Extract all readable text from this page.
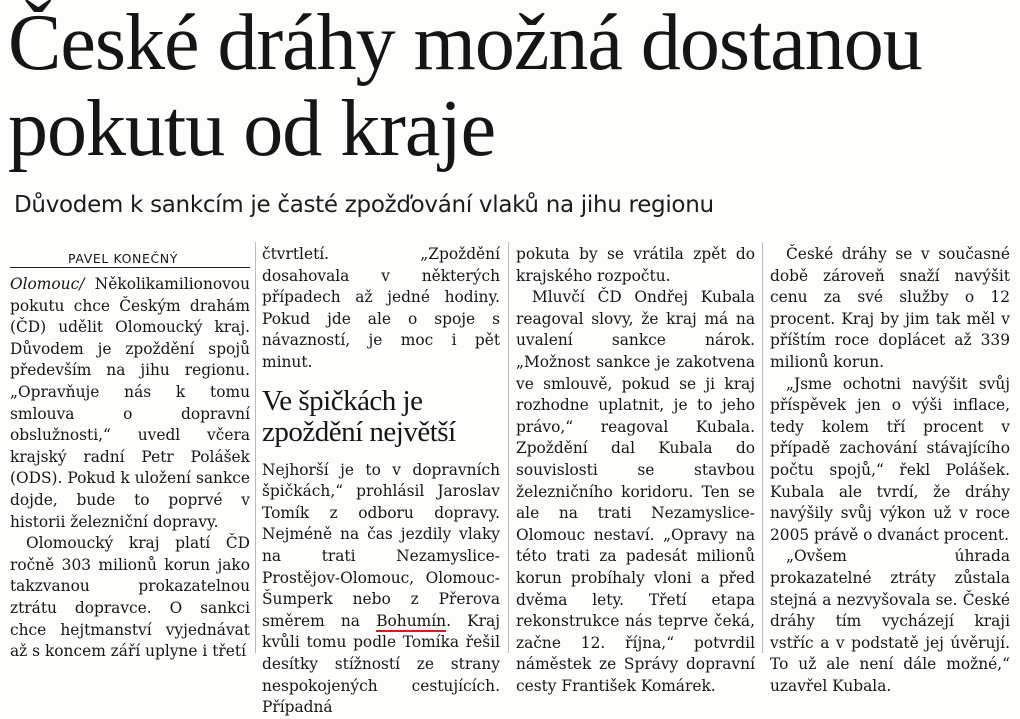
České dráhy možná dostanou pokutu od kraje
Důvodem k sankcím je časté zpožďování vlaků na jihu regionu
PAVEL KONEČNÝ

Olomouc/ Několikamilionovou pokutu chce Českým drahám (ČD) udělit Olomoucký kraj. Důvodem je zpoždění spojů především na jihu regionu. „Opravňuje nás k tomu smlouva o dopravní obslužnosti,“ uvedl včera krajský radní Petr Polášek (ODS). Pokud k uložení sankce dojde, bude to poprvé v historii železniční dopravy.

Olomoucký kraj platí ČD ročně 303 milionů korun jako takzvanou prokazatelnou ztrátu dopravce. O sankci chce hejtmanství vyjednávat až s koncem září uplyne i třetí

čtvrtletí. „Zpoždění dosahovala v některých případech až jedné hodiny. Pokud jde ale o spoje s návazností, je moc i pět minut.

Ve špičkách je zpoždění největší

Nejhorší je to v dopravních špičkách,“ prohlásil Jaroslav Tomík z odboru dopravy. Nejméně na čas jezdily vlaky na trati Nezamyslice-Prostějov-Olomouc, Olomouc-Šumperk nebo z Přerova směrem na Bohumín. Kraj kvůli tomu podle Tomíka řešil desítky stížností ze strany nespokojených cestujících. Případná

pokuta by se vrátila zpět do krajského rozpočtu.

Mluvčí ČD Ondřej Kubala reagoval slovy, že kraj má na uvalení sankce nárok. „Možnost sankce je zakotvena ve smlouvě, pokud se ji kraj rozhodne uplatnit, je to jeho právo,“ reagoval Kubala. Zpoždění dal Kubala do souvislosti se stavbou železničního koridoru. Ten se ale na trati Nezamyslice-Olomouc nestaví. „Opravy na této trati za padesát milionů korun probíhaly vloni a před dvěma lety. Třetí etapa rekonstrukce nás teprve čeká, začne 12. října,“ potvrdil náměstek ze Správy dopravní cesty František Komárek.

České dráhy se v současné době zároveň snaží navýšit cenu za své služby o 12 procent. Kraj by jim tak měl v příštím roce doplácet až 339 milionů korun.

„Jsme ochotni navýšit svůj příspěvek jen o výši inflace, tedy kolem tří procent v případě zachování stávajícího počtu spojů,“ řekl Polášek. Kubala ale tvrdí, že dráhy navýšily svůj výkon už v roce 2005 právě o dvanáct procent.

„Ovšem úhrada prokazatelné ztráty zůstala stejná a nezvyšovala se. České dráhy tím vycházejí kraji vstříc a v podstatě jej úvěrují. To už ale není dále možné,“ uzavřel Kubala.
